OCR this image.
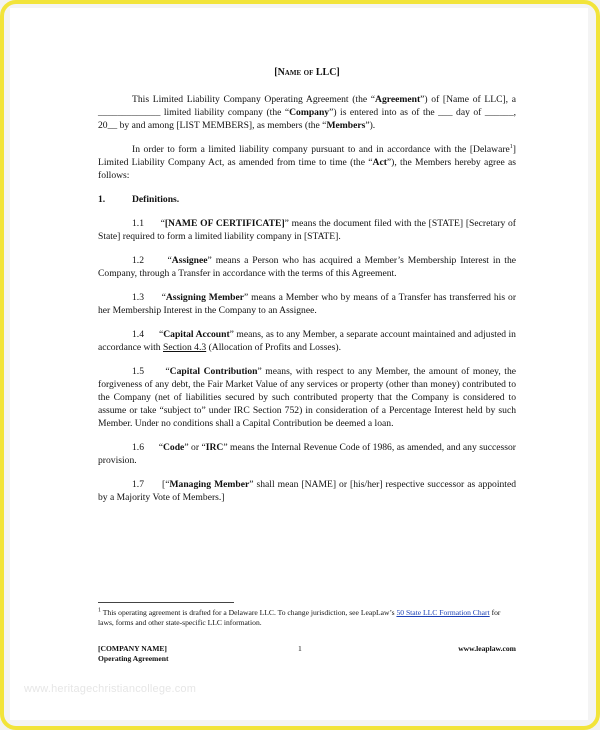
[Name of LLC]

This Limited Liability Company Operating Agreement (the “Agreement”) of [Name of LLC], a _____________ limited liability company (the “Company”) is entered into as of the ___ day of ______, 20__ by and among [LIST MEMBERS], as members (the “Members”).

In order to form a limited liability company pursuant to and in accordance with the [Delaware$^1$] Limited Liability Company Act, as amended from time to time (the “Act”), the Members hereby agree as follows:

1.	Definitions.

1.1 “[NAME OF CERTIFICATE]” means the document filed with the [STATE] [Secretary of State] required to form a limited liability company in [STATE].

1.2 “Assignee” means a Person who has acquired a Member’s Membership Interest in the Company, through a Transfer in accordance with the terms of this Agreement.

1.3 “Assigning Member” means a Member who by means of a Transfer has transferred his or her Membership Interest in the Company to an Assignee.

1.4 “Capital Account” means, as to any Member, a separate account maintained and adjusted in accordance with Section 4.3 (Allocation of Profits and Losses).

1.5 “Capital Contribution” means, with respect to any Member, the amount of money, the forgiveness of any debt, the Fair Market Value of any services or property (other than money) contributed to the Company (net of liabilities secured by such contributed property that the Company is considered to assume or take “subject to” under IRC Section 752) in consideration of a Percentage Interest held by such Member. Under no conditions shall a Capital Contribution be deemed a loan.

1.6 “Code” or “IRC” means the Internal Revenue Code of 1986, as amended, and any successor provision.

1.7 [“Managing Member” shall mean [NAME] or [his/her] respective successor as appointed by a Majority Vote of Members.]

$^1$ This operating agreement is drafted for a Delaware LLC. To change jurisdiction, see LeapLaw’s 50 State LLC Formation Chart for laws, forms and other state-specific LLC information.
[COMPANY NAME]
Operating Agreement
1	www.leaplaw.com
www.heritagechristiancollege.com
